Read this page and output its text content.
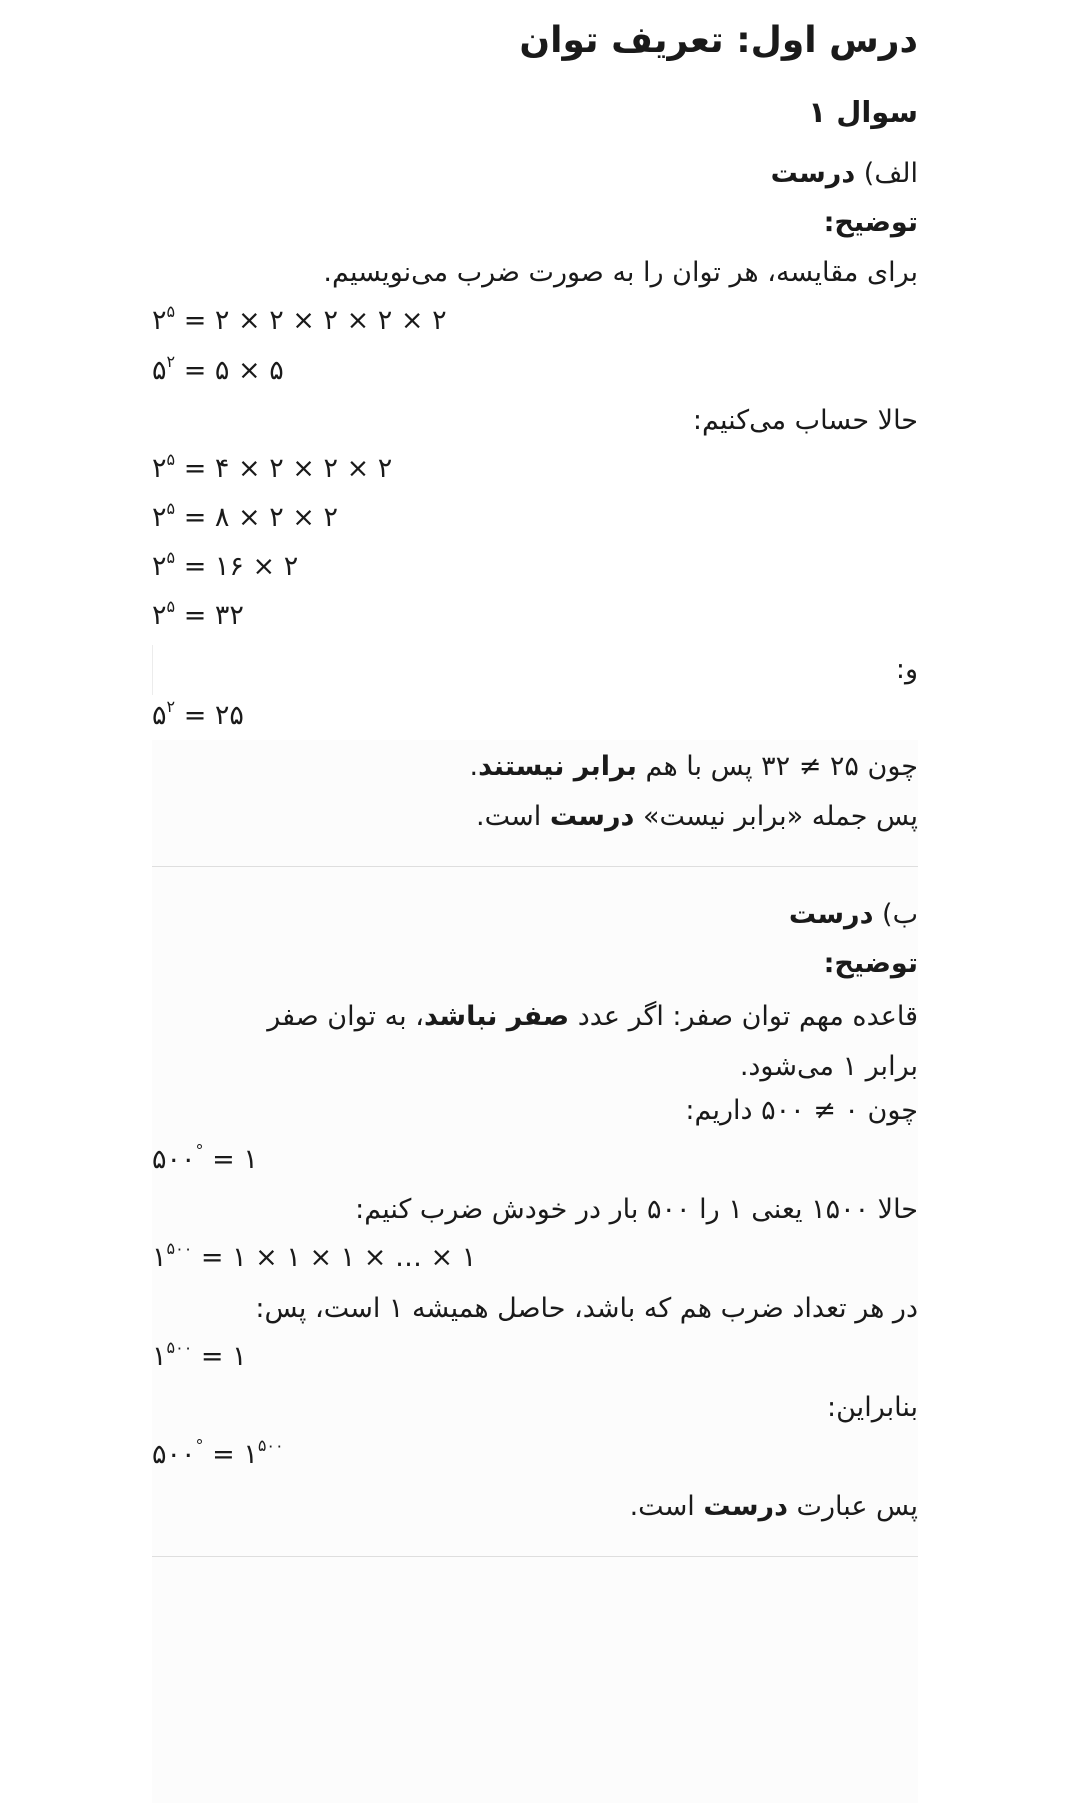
درس اول: تعریف توان
سوال ۱
الف) درست
توضیح:
برای مقایسه، هر توان را به صورت ضرب می‌نویسیم.
$۲^۵$ = ۲ × ۲ × ۲ × ۲ × ۲
$۵^۲$ = ۵ × ۵
حالا حساب می‌کنیم:
$۲^۵$ = ۴ × ۲ × ۲ × ۲
$۲^۵$ = ۸ × ۲ × ۲
$۲^۵$ = ۱۶ × ۲
$۲^۵$ = ۳۲
و:
$۵^۲$ = ۲۵
چون ۲۵ ≠ ۳۲ پس با هم برابر نیستند.
پس جمله «برابر نیست» درست است.
ب) درست
توضیح:
قاعده مهم توان صفر: اگر عدد صفر نباشد، به توان صفر برابر ۱ می‌شود.
چون ۰ ≠ ۵۰۰ داریم:
۵۰۰° = ۱
حالا ۱۵۰۰ یعنی ۱ را ۵۰۰ بار در خودش ضرب کنیم:
$۱^{۵۰۰}$ = ۱ × ۱ × ۱ × … × ۱
در هر تعداد ضرب هم که باشد، حاصل همیشه ۱ است، پس:
$۱^{۵۰۰}$ = ۱
بنابراین:
۵۰۰° = $۱^{۵۰۰}$
پس عبارت درست است.
